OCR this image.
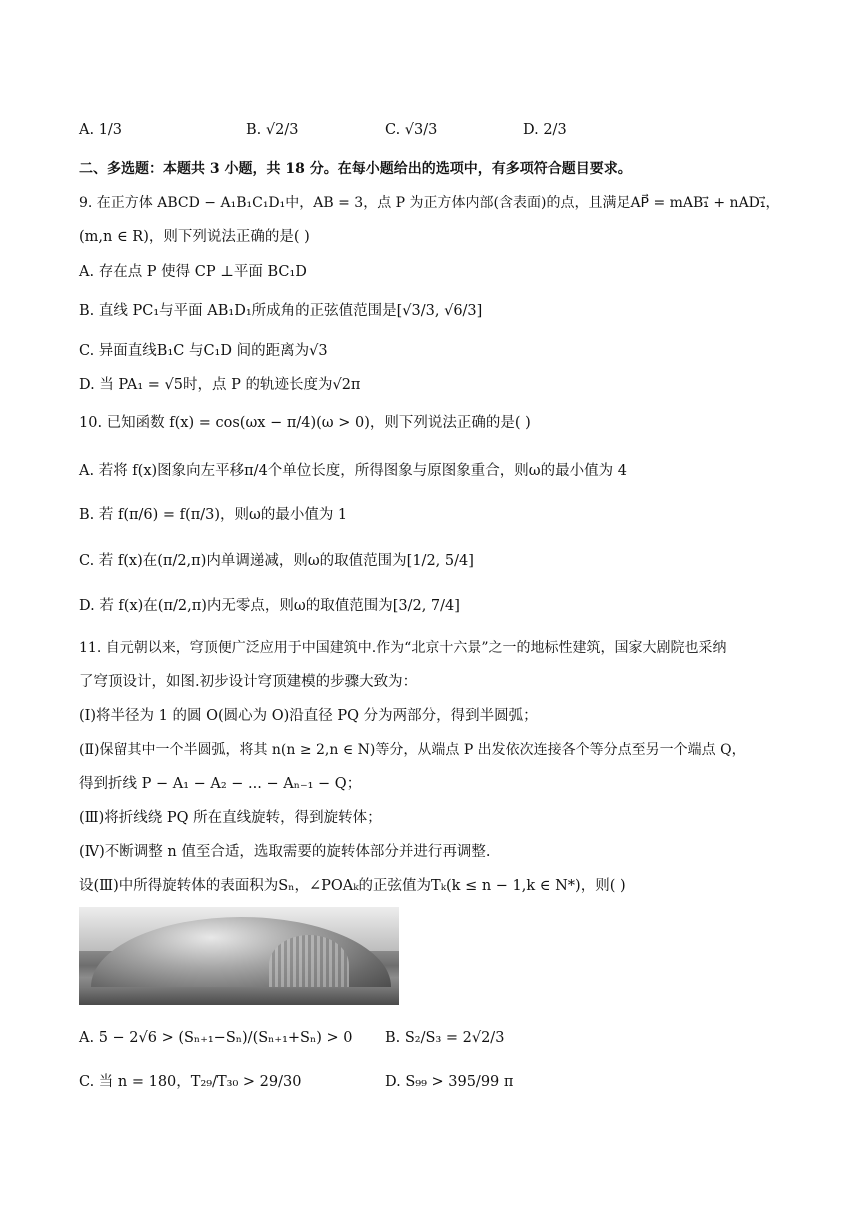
A. 1/3	B. √2/3	C. √3/3	D. 2/3
二、多选题：本题共 3 小题，共 18 分。在每小题给出的选项中，有多项符合题目要求。
9. 在正方体 ABCD − A₁B₁C₁D₁中，AB = 3，点 P 为正方体内部(含表面)的点，且满足AP⃗ = mAB₁⃗ + nAD₁⃗，
(m,n ∈ R)，则下列说法正确的是( )
A. 存在点 P 使得 CP ⊥平面 BC₁D
B. 直线 PC₁与平面 AB₁D₁所成角的正弦值范围是[√3/3, √6/3]
C. 异面直线B₁C 与C₁D 间的距离为√3
D. 当 PA₁ = √5时，点 P 的轨迹长度为√2π
10. 已知函数 f(x) = cos(ωx − π/4)(ω > 0)，则下列说法正确的是( )
A. 若将 f(x)图象向左平移π/4个单位长度，所得图象与原图象重合，则ω的最小值为 4
B. 若 f(π/6) = f(π/3)，则ω的最小值为 1
C. 若 f(x)在(π/2,π)内单调递减，则ω的取值范围为[1/2, 5/4]
D. 若 f(x)在(π/2,π)内无零点，则ω的取值范围为[3/2, 7/4]
11. 自元朝以来，穹顶便广泛应用于中国建筑中.作为“北京十六景”之一的地标性建筑，国家大剧院也采纳
了穹顶设计，如图.初步设计穹顶建模的步骤大致为：
(Ⅰ)将半径为 1 的圆 O(圆心为 O)沿直径 PQ 分为两部分，得到半圆弧；
(Ⅱ)保留其中一个半圆弧，将其 n(n ≥ 2,n ∈ N)等分，从端点 P 出发依次连接各个等分点至另一个端点 Q，
得到折线 P − A₁ − A₂ − ... − Aₙ₋₁ − Q；
(Ⅲ)将折线绕 PQ 所在直线旋转，得到旋转体；
(Ⅳ)不断调整 n 值至合适，选取需要的旋转体部分并进行再调整.
设(Ⅲ)中所得旋转体的表面积为Sₙ，∠POAₖ的正弦值为Tₖ(k ≤ n − 1,k ∈ N*)，则( )
A. 5 − 2√6 > (Sₙ₊₁−Sₙ)/(Sₙ₊₁+Sₙ) > 0 B. S₂/S₃ = 2√2/3
C. 当 n = 180，T₂₉/T₃₀ > 29/30	D. S₉₉ > 395/99 π
